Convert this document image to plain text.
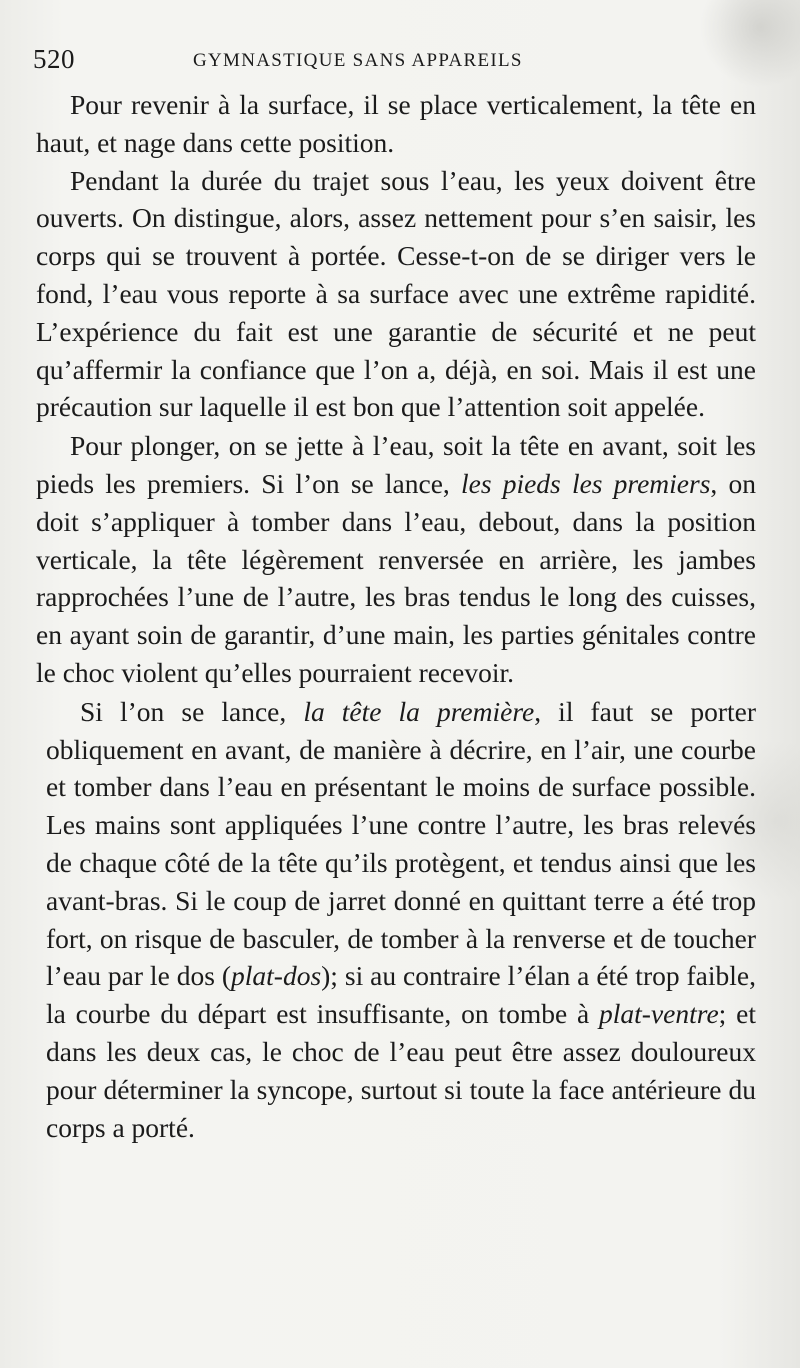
520	GYMNASTIQUE SANS APPAREILS

Pour revenir à la surface, il se place verticalement, la tête en haut, et nage dans cette position.

Pendant la durée du trajet sous l’eau, les yeux doivent être ouverts. On distingue, alors, assez nettement pour s’en saisir, les corps qui se trouvent à portée. Cesse-t-on de se diriger vers le fond, l’eau vous reporte à sa surface avec une extrême rapidité. L’expérience du fait est une garantie de sécurité et ne peut qu’affermir la confiance que l’on a, déjà, en soi. Mais il est une précaution sur laquelle il est bon que l’attention soit appelée.

Pour plonger, on se jette à l’eau, soit la tête en avant, soit les pieds les premiers. Si l’on se lance, les pieds les premiers, on doit s’appliquer à tomber dans l’eau, debout, dans la position verticale, la tête légèrement renversée en arrière, les jambes rapprochées l’une de l’autre, les bras tendus le long des cuisses, en ayant soin de garantir, d’une main, les parties génitales contre le choc violent qu’elles pourraient recevoir.

Si l’on se lance, la tête la première, il faut se porter obliquement en avant, de manière à décrire, en l’air, une courbe et tomber dans l’eau en présentant le moins de surface possible. Les mains sont appliquées l’une contre l’autre, les bras relevés de chaque côté de la tête qu’ils protègent, et tendus ainsi que les avant-bras. Si le coup de jarret donné en quittant terre a été trop fort, on risque de basculer, de tomber à la renverse et de toucher l’eau par le dos (plat-dos); si au contraire l’élan a été trop faible, la courbe du départ est insuffisante, on tombe à plat-ventre; et dans les deux cas, le choc de l’eau peut être assez douloureux pour déterminer la syncope, surtout si toute la face antérieure du corps a porté.
